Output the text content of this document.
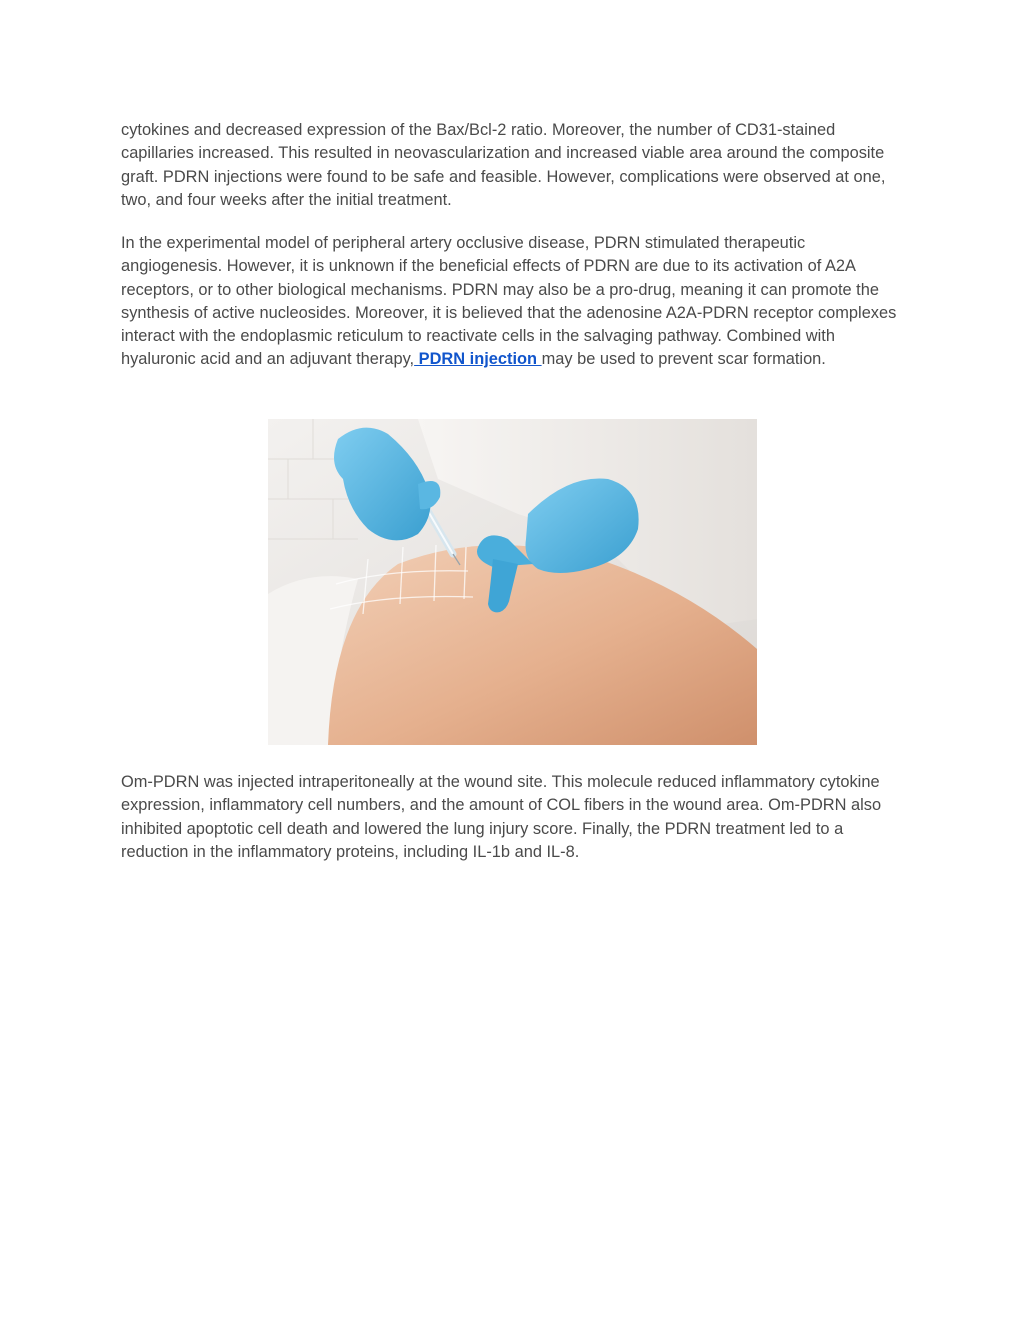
cytokines and decreased expression of the Bax/Bcl-2 ratio. Moreover, the number of CD31-stained capillaries increased. This resulted in neovascularization and increased viable area around the composite graft. PDRN injections were found to be safe and feasible. However, complications were observed at one, two, and four weeks after the initial treatment.

In the experimental model of peripheral artery occlusive disease, PDRN stimulated therapeutic angiogenesis. However, it is unknown if the beneficial effects of PDRN are due to its activation of A2A receptors, or to other biological mechanisms. PDRN may also be a pro-drug, meaning it can promote the synthesis of active nucleosides. Moreover, it is believed that the adenosine A2A-PDRN receptor complexes interact with the endoplasmic reticulum to reactivate cells in the salvaging pathway. Combined with hyaluronic acid and an adjuvant therapy, PDRN injection may be used to prevent scar formation.

Om-PDRN was injected intraperitoneally at the wound site. This molecule reduced inflammatory cytokine expression, inflammatory cell numbers, and the amount of COL fibers in the wound area. Om-PDRN also inhibited apoptotic cell death and lowered the lung injury score. Finally, the PDRN treatment led to a reduction in the inflammatory proteins, including IL-1b and IL-8.
